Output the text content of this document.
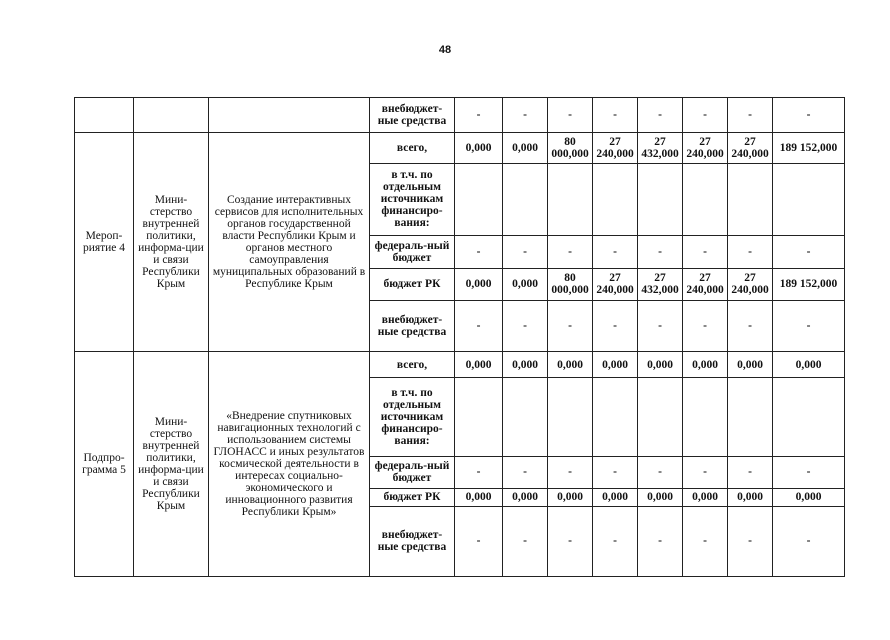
48
			внебюджет-ные средства	-	-	-	-	-	-	-	-
Мероп-риятие 4	Мини-стерство внутренней политики, информа-ции и связи Республики Крым	Создание интерактивных сервисов для исполнительных органов государственной власти Республики Крым и органов местного самоуправления муниципальных образований в Республике Крым	всего,	0,000	0,000	80 000,000	27 240,000	27 432,000	27 240,000	27 240,000	189 152,000
			в т.ч. по отдельным источникам финансиро-вания:								
			федераль-ный бюджет	-	-	-	-	-	-	-	-
			бюджет РК	0,000	0,000	80 000,000	27 240,000	27 432,000	27 240,000	27 240,000	189 152,000
			внебюджет-ные средства	-	-	-	-	-	-	-	-
Подпро-грамма 5	Мини-стерство внутренней политики, информа-ции и связи Республики Крым	«Внедрение спутниковых навигационных технологий с использованием системы ГЛОНАСС и иных результатов космической деятельности в интересах социально-экономического и инновационного развития Республики Крым»	всего,	0,000	0,000	0,000	0,000	0,000	0,000	0,000	0,000
			в т.ч. по отдельным источникам финансиро-вания:								
			федераль-ный бюджет	-	-	-	-	-	-	-	-
			бюджет РК	0,000	0,000	0,000	0,000	0,000	0,000	0,000	0,000
			внебюджет-ные средства	-	-	-	-	-	-	-	-
